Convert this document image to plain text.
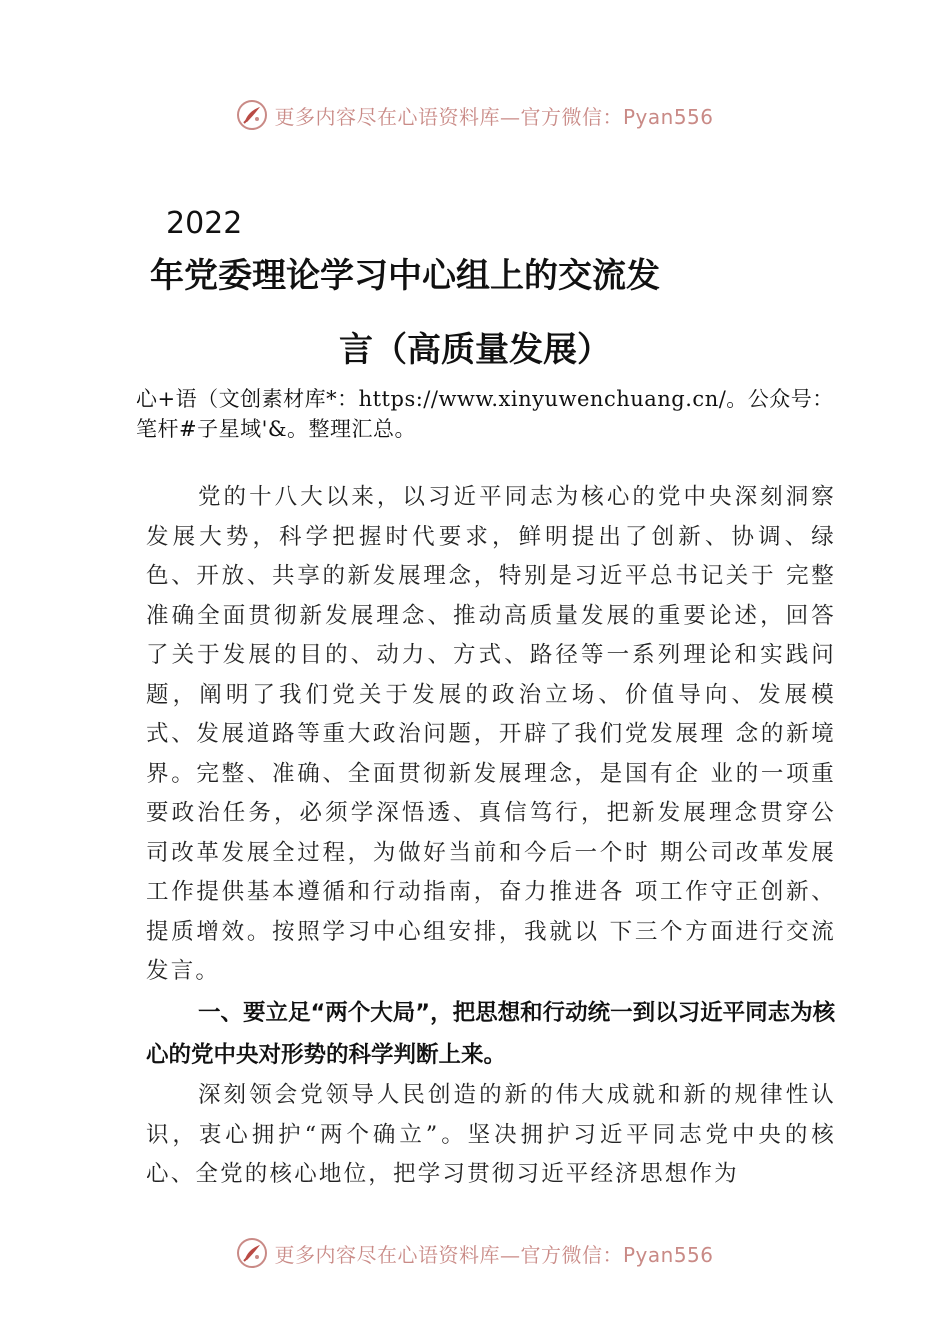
更多内容尽在心语资料库—官方微信：Pyan556
2022
年党委理论学习中心组上的交流发
言（高质量发展）
心+语（文创素材库*：https://www.xinyuwenchuang.cn/。公众号：笔杆#子星域'&。整理汇总。
党的十八大以来，以习近平同志为核心的党中央深刻洞察发展大势，科学把握时代要求，鲜明提出了创新、协调、绿色、开放、共享的新发展理念，特别是习近平总书记关于 完整准确全面贯彻新发展理念、推动高质量发展的重要论述，回答了关于发展的目的、动力、方式、路径等一系列理论和实践问题，阐明了我们党关于发展的政治立场、价值导向、发展模式、发展道路等重大政治问题，开辟了我们党发展理 念的新境界。完整、准确、全面贯彻新发展理念，是国有企 业的一项重要政治任务，必须学深悟透、真信笃行，把新发展理念贯穿公司改革发展全过程，为做好当前和今后一个时 期公司改革发展工作提供基本遵循和行动指南，奋力推进各 项工作守正创新、提质增效。按照学习中心组安排，我就以 下三个方面进行交流发言。
一、要立足“两个大局”，把思想和行动统一到以习近平同志为核心的党中央对形势的科学判断上来。
深刻领会党领导人民创造的新的伟大成就和新的规律性认识，衷心拥护“两个确立”。坚决拥护习近平同志党中央的核心、全党的核心地位，把学习贯彻习近平经济思想作为
更多内容尽在心语资料库—官方微信：Pyan556
